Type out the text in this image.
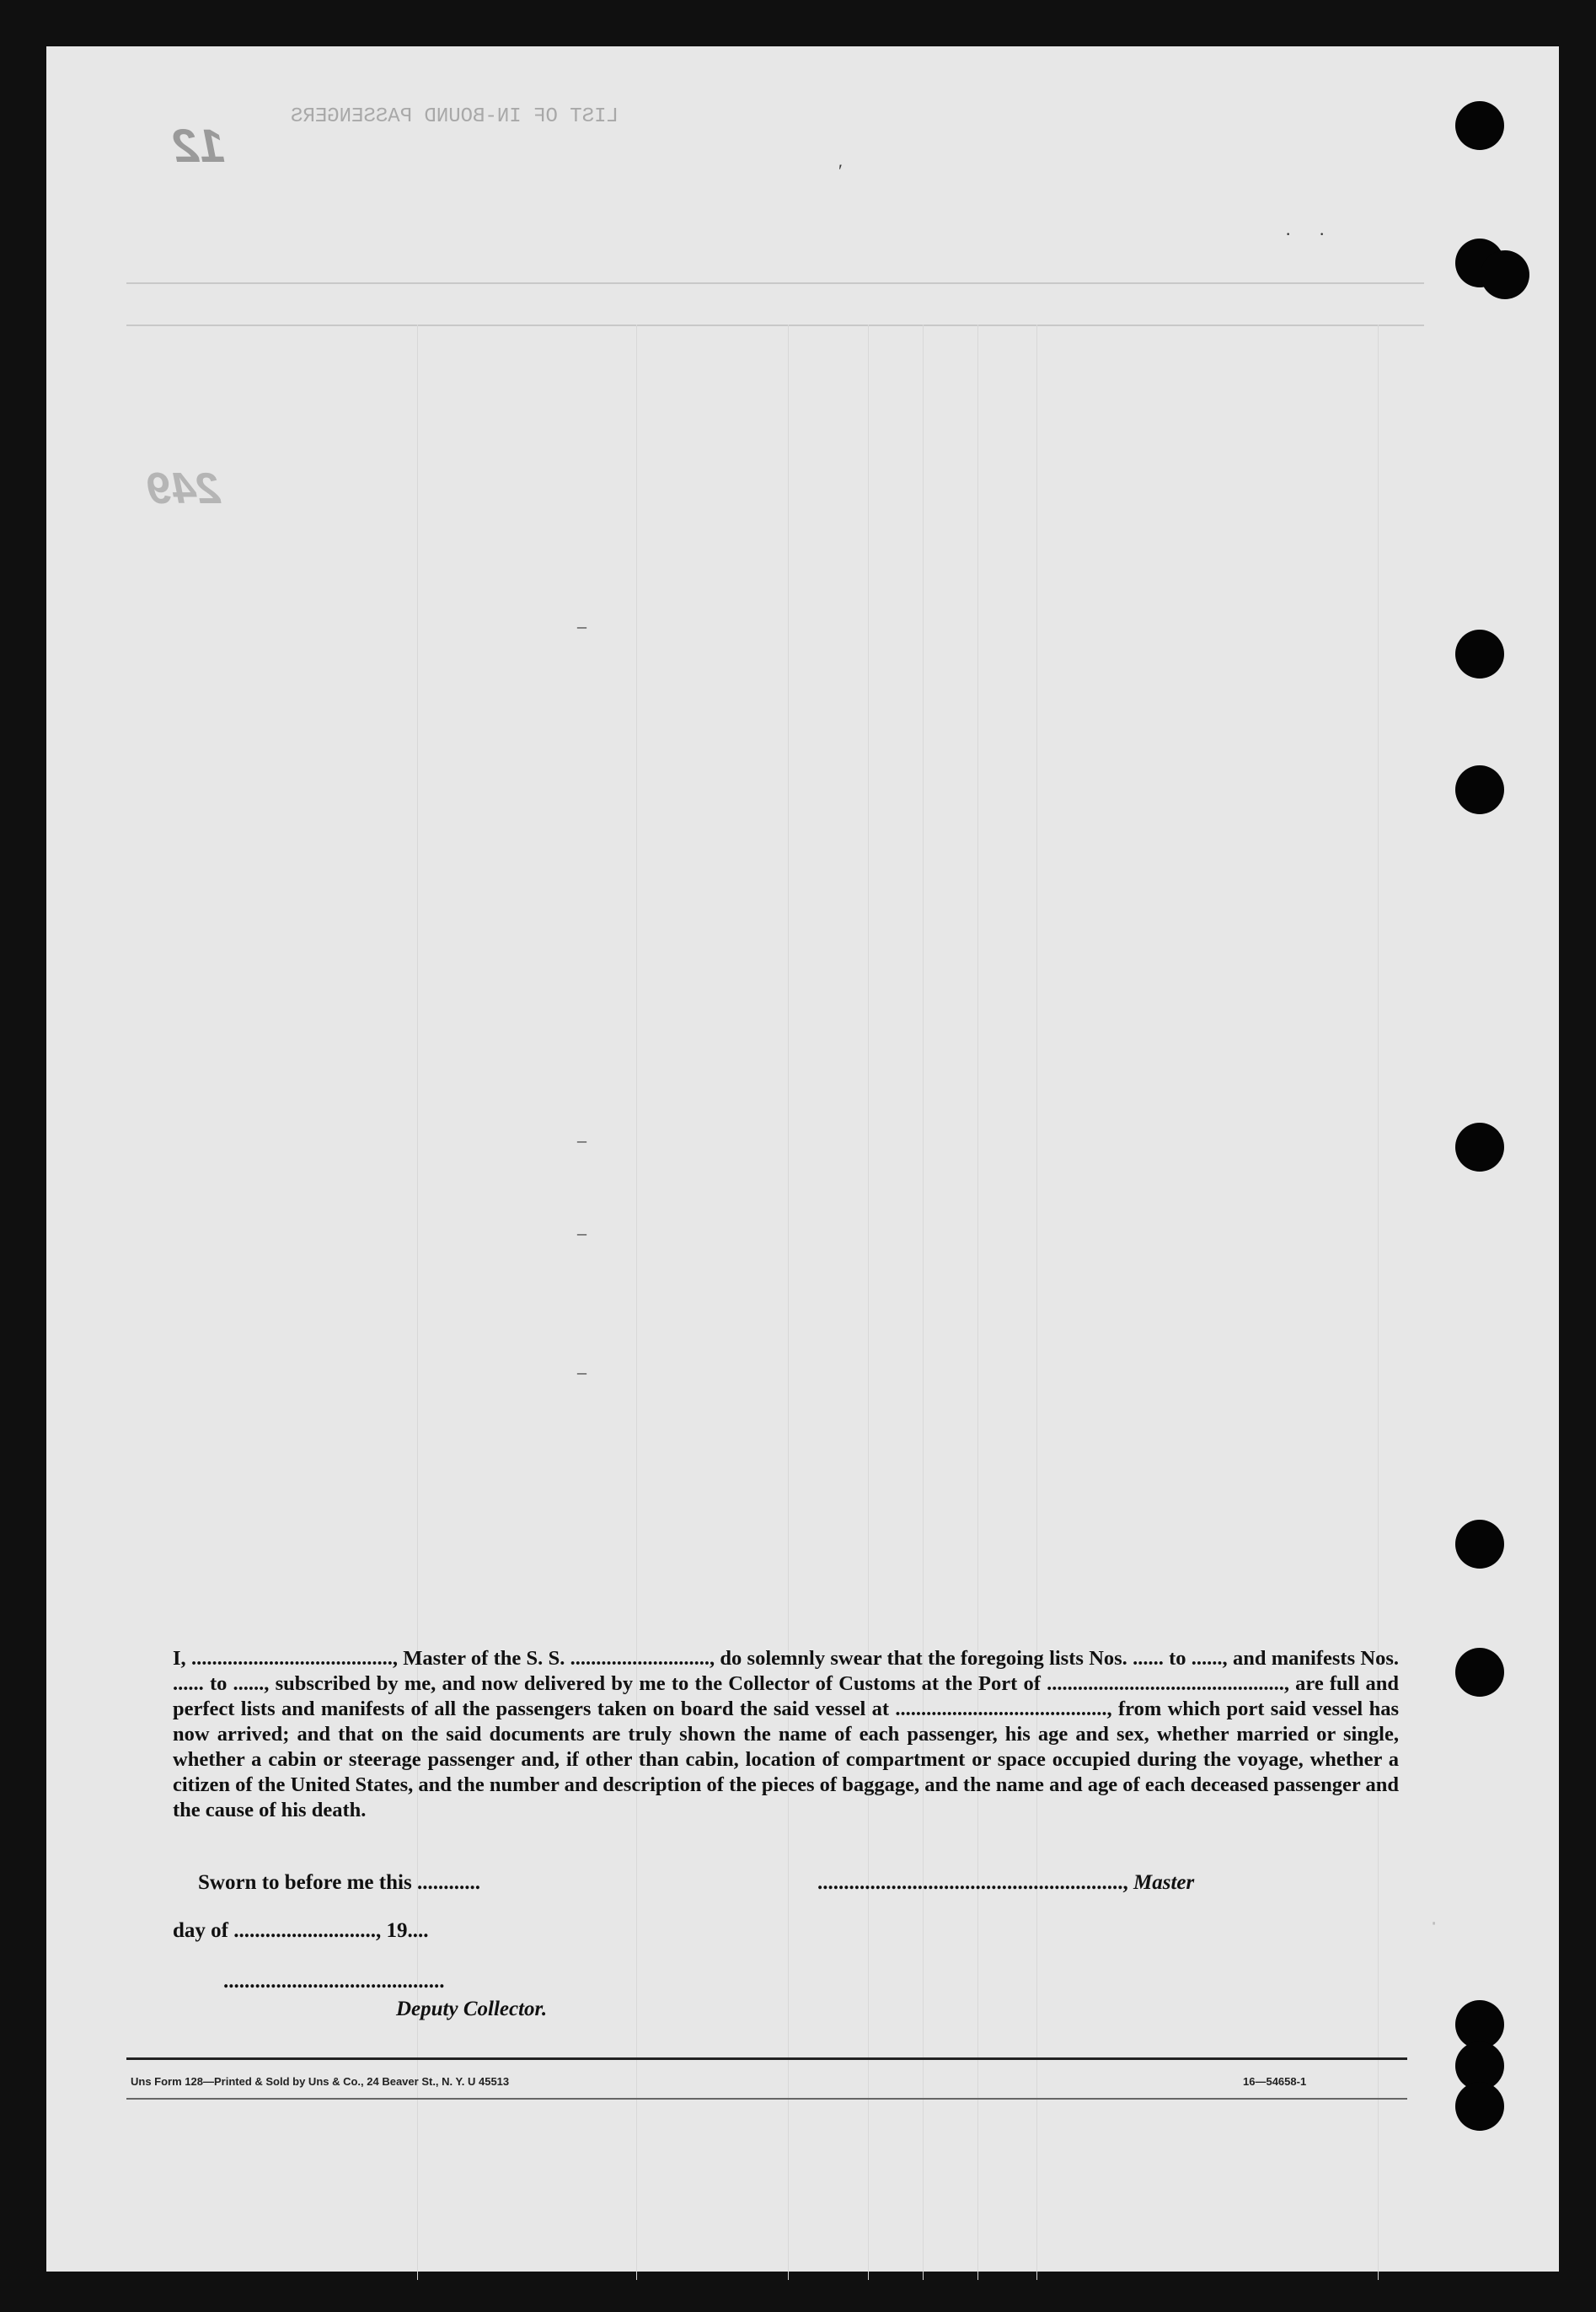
12
LIST OF IN-BOUND PASSENGERS
249
′
· ·
–
–
–
–

I, ......................................., Master of the S. S. ..........................., do solemnly swear that the foregoing lists Nos. ...... to ......, and manifests Nos. ...... to ......, subscribed by me, and now delivered by me to the Collector of Customs at the Port of .............................................., are full and perfect lists and manifests of all the passengers taken on board the said vessel at ........................................., from which port said vessel has now arrived; and that on the said documents are truly shown the name of each passenger, his age and sex, whether married or single, whether a cabin or steerage passenger and, if other than cabin, location of compartment or space occupied during the voyage, whether a citizen of the United States, and the number and description of the pieces of baggage, and the name and age of each deceased passenger and the cause of his death.

Sworn to before me this ............
day of ..........................., 19....
..........................................
Deputy Collector.
.........................................................., Master
Uns Form 128—Printed & Sold by Uns & Co., 24 Beaver St., N. Y. U 45513	16—54658-1
·
